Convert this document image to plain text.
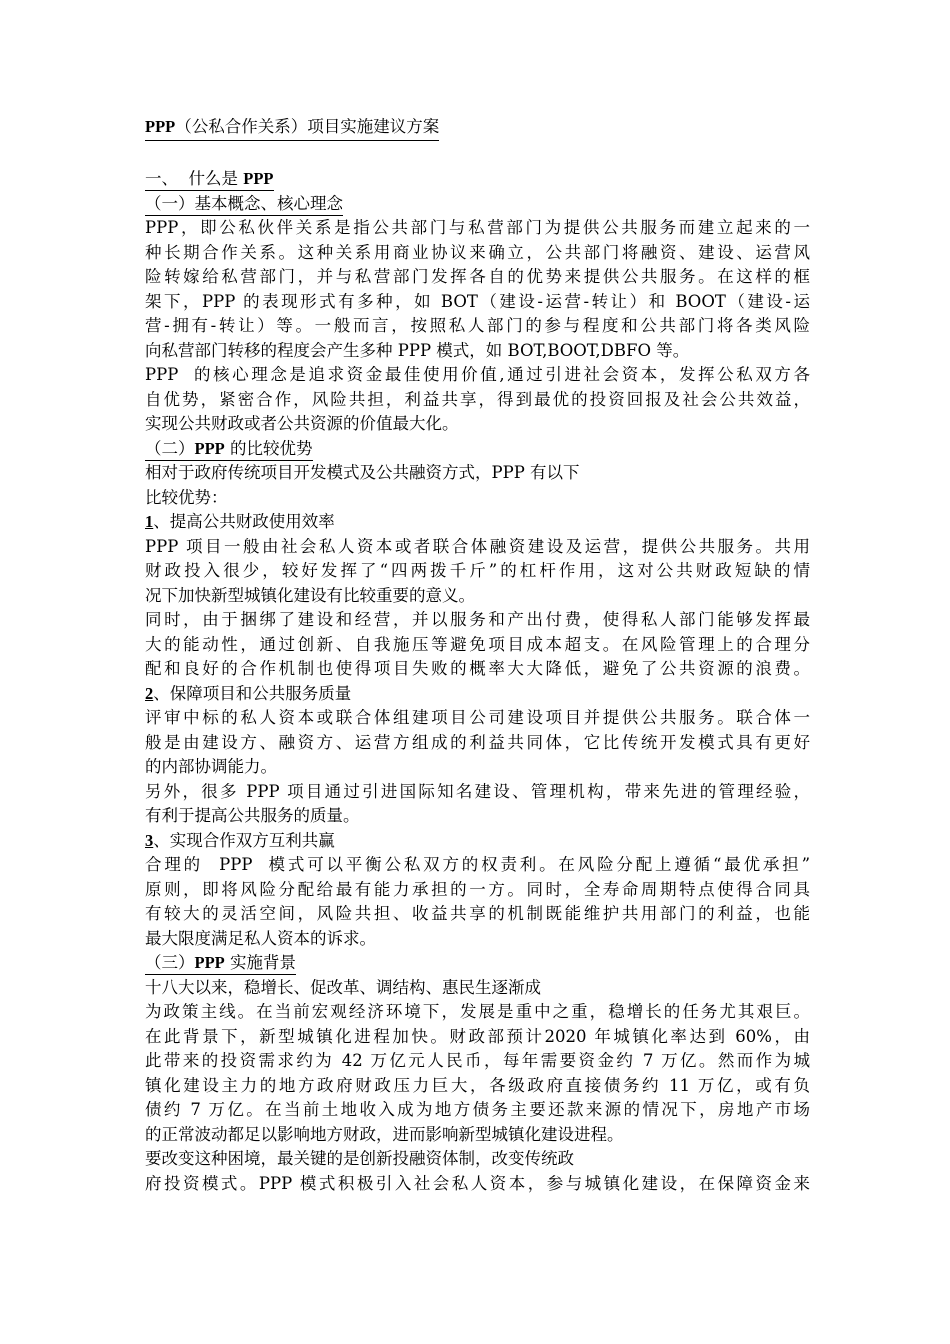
PPP（公私合作关系）项目实施建议方案
一、  什么是 PPP
（一）基本概念、核心理念
PPP，即公私伙伴关系是指公共部门与私营部门为提供公共服务而建立起来的一
种长期合作关系。这种关系用商业协议来确立，公共部门将融资、建设、运营风
险转嫁给私营部门，并与私营部门发挥各自的优势来提供公共服务。在这样的框
架下，PPP 的表现形式有多种，如 BOT（建设-运营-转让）和 BOOT（建设-运
营-拥有-转让）等。一般而言，按照私人部门的参与程度和公共部门将各类风险
向私营部门转移的程度会产生多种 PPP 模式，如 BOT,BOOT,DBFO 等。
PPP  的核心理念是追求资金最佳使用价值,通过引进社会资本，发挥公私双方各
自优势，紧密合作，风险共担，利益共享，得到最优的投资回报及社会公共效益，
实现公共财政或者公共资源的价值最大化。
（二）PPP 的比较优势
相对于政府传统项目开发模式及公共融资方式，PPP 有以下
比较优势：
1、提高公共财政使用效率
PPP 项目一般由社会私人资本或者联合体融资建设及运营，提供公共服务。共用
财政投入很少，较好发挥了“四两拨千斤”的杠杆作用，这对公共财政短缺的情
况下加快新型城镇化建设有比较重要的意义。
同时，由于捆绑了建设和经营，并以服务和产出付费，使得私人部门能够发挥最
大的能动性，通过创新、自我施压等避免项目成本超支。在风险管理上的合理分
配和良好的合作机制也使得项目失败的概率大大降低，避免了公共资源的浪费。
2、保障项目和公共服务质量
评审中标的私人资本或联合体组建项目公司建设项目并提供公共服务。联合体一
般是由建设方、融资方、运营方组成的利益共同体，它比传统开发模式具有更好
的内部协调能力。
另外，很多 PPP 项目通过引进国际知名建设、管理机构，带来先进的管理经验，
有利于提高公共服务的质量。
3、实现合作双方互利共赢
合理的  PPP  模式可以平衡公私双方的权责利。在风险分配上遵循“最优承担”
原则，即将风险分配给最有能力承担的一方。同时，全寿命周期特点使得合同具
有较大的灵活空间，风险共担、收益共享的机制既能维护共用部门的利益，也能
最大限度满足私人资本的诉求。
（三）PPP 实施背景
十八大以来，稳增长、促改革、调结构、惠民生逐渐成
为政策主线。在当前宏观经济环境下，发展是重中之重，稳增长的任务尤其艰巨。
在此背景下，新型城镇化进程加快。财政部预计2020 年城镇化率达到 60%，由
此带来的投资需求约为 42 万亿元人民币，每年需要资金约 7 万亿。然而作为城
镇化建设主力的地方政府财政压力巨大，各级政府直接债务约 11 万亿，或有负
债约 7 万亿。在当前土地收入成为地方债务主要还款来源的情况下，房地产市场
的正常波动都足以影响地方财政，进而影响新型城镇化建设进程。
要改变这种困境，最关键的是创新投融资体制，改变传统政
府投资模式。PPP 模式积极引入社会私人资本，参与城镇化建设，在保障资金来
